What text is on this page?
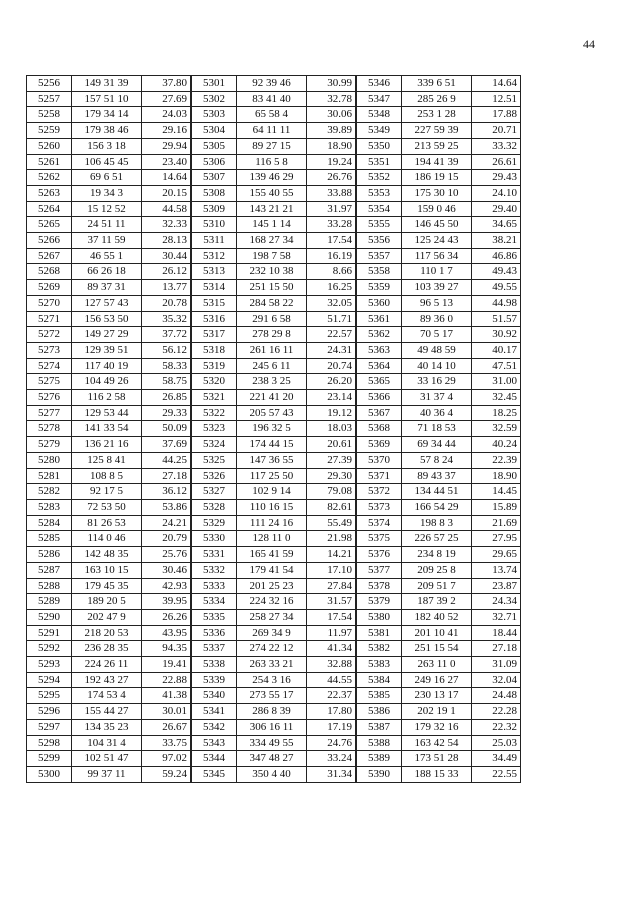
44
5256	149 31 39	37.80	5301	92 39 46	30.99	5346	339 6 51	14.64
5257	157 51 10	27.69	5302	83 41 40	32.78	5347	285 26 9	12.51
5258	179 34 14	24.03	5303	65 58 4	30.06	5348	253 1 28	17.88
5259	179 38 46	29.16	5304	64 11 11	39.89	5349	227 59 39	20.71
5260	156 3 18	29.94	5305	89 27 15	18.90	5350	213 59 25	33.32
5261	106 45 45	23.40	5306	116 5 8	19.24	5351	194 41 39	26.61
5262	69 6 51	14.64	5307	139 46 29	26.76	5352	186 19 15	29.43
5263	19 34 3	20.15	5308	155 40 55	33.88	5353	175 30 10	24.10
5264	15 12 52	44.58	5309	143 21 21	31.97	5354	159 0 46	29.40
5265	24 51 11	32.33	5310	145 1 14	33.28	5355	146 45 50	34.65
5266	37 11 59	28.13	5311	168 27 34	17.54	5356	125 24 43	38.21
5267	46 55 1	30.44	5312	198 7 58	16.19	5357	117 56 34	46.86
5268	66 26 18	26.12	5313	232 10 38	8.66	5358	110 1 7	49.43
5269	89 37 31	13.77	5314	251 15 50	16.25	5359	103 39 27	49.55
5270	127 57 43	20.78	5315	284 58 22	32.05	5360	96 5 13	44.98
5271	156 53 50	35.32	5316	291 6 58	51.71	5361	89 36 0	51.57
5272	149 27 29	37.72	5317	278 29 8	22.57	5362	70 5 17	30.92
5273	129 39 51	56.12	5318	261 16 11	24.31	5363	49 48 59	40.17
5274	117 40 19	58.33	5319	245 6 11	20.74	5364	40 14 10	47.51
5275	104 49 26	58.75	5320	238 3 25	26.20	5365	33 16 29	31.00
5276	116 2 58	26.85	5321	221 41 20	23.14	5366	31 37 4	32.45
5277	129 53 44	29.33	5322	205 57 43	19.12	5367	40 36 4	18.25
5278	141 33 54	50.09	5323	196 32 5	18.03	5368	71 18 53	32.59
5279	136 21 16	37.69	5324	174 44 15	20.61	5369	69 34 44	40.24
5280	125 8 41	44.25	5325	147 36 55	27.39	5370	57 8 24	22.39
5281	108 8 5	27.18	5326	117 25 50	29.30	5371	89 43 37	18.90
5282	92 17 5	36.12	5327	102 9 14	79.08	5372	134 44 51	14.45
5283	72 53 50	53.86	5328	110 16 15	82.61	5373	166 54 29	15.89
5284	81 26 53	24.21	5329	111 24 16	55.49	5374	198 8 3	21.69
5285	114 0 46	20.79	5330	128 11 0	21.98	5375	226 57 25	27.95
5286	142 48 35	25.76	5331	165 41 59	14.21	5376	234 8 19	29.65
5287	163 10 15	30.46	5332	179 41 54	17.10	5377	209 25 8	13.74
5288	179 45 35	42.93	5333	201 25 23	27.84	5378	209 51 7	23.87
5289	189 20 5	39.95	5334	224 32 16	31.57	5379	187 39 2	24.34
5290	202 47 9	26.26	5335	258 27 34	17.54	5380	182 40 52	32.71
5291	218 20 53	43.95	5336	269 34 9	11.97	5381	201 10 41	18.44
5292	236 28 35	94.35	5337	274 22 12	41.34	5382	251 15 54	27.18
5293	224 26 11	19.41	5338	263 33 21	32.88	5383	263 11 0	31.09
5294	192 43 27	22.88	5339	254 3 16	44.55	5384	249 16 27	32.04
5295	174 53 4	41.38	5340	273 55 17	22.37	5385	230 13 17	24.48
5296	155 44 27	30.01	5341	286 8 39	17.80	5386	202 19 1	22.28
5297	134 35 23	26.67	5342	306 16 11	17.19	5387	179 32 16	22.32
5298	104 31 4	33.75	5343	334 49 55	24.76	5388	163 42 54	25.03
5299	102 51 47	97.02	5344	347 48 27	33.24	5389	173 51 28	34.49
5300	99 37 11	59.24	5345	350 4 40	31.34	5390	188 15 33	22.55
